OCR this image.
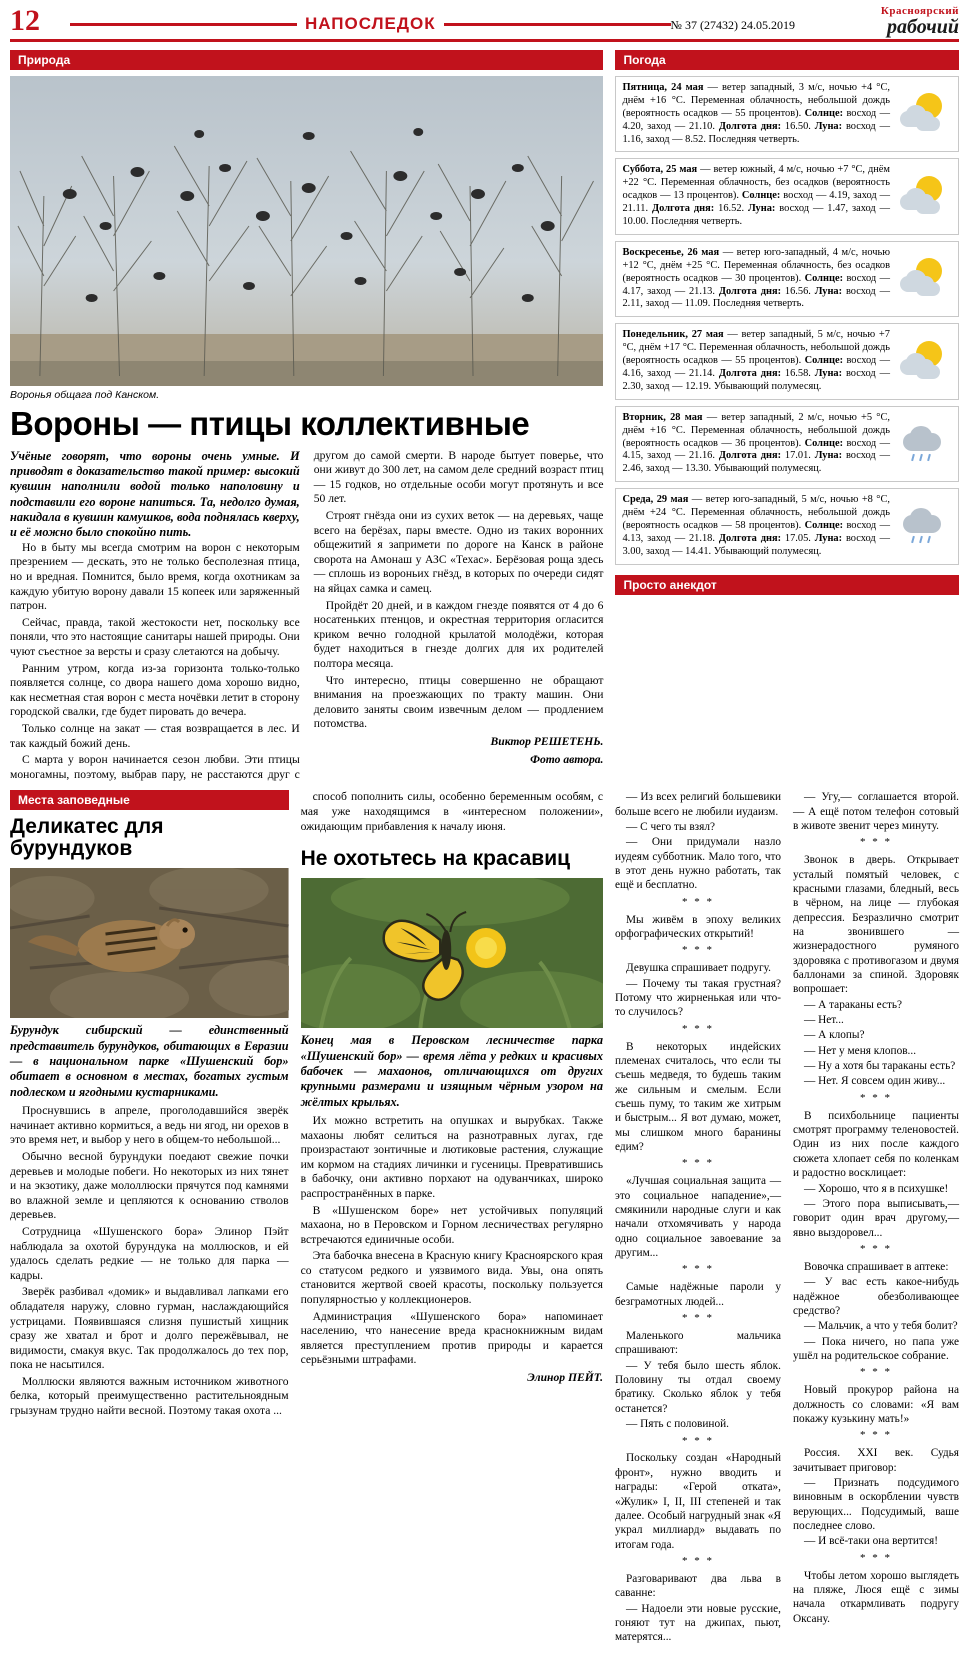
12	НАПОСЛЕДОК	№ 37 (27432) 24.05.2019
Красноярский
рабочий
Природа
Воронья общага под Канском.
Вороны — птицы коллективные
Учёные говорят, что вороны очень умные. И приводят в доказательство такой пример: высокий кувшин наполнили водой только наполовину и подставили его вороне напиться. Та, недолго думая, накидала в кувшин камушков, вода поднялась кверху, и её можно было спокойно пить.

Но в быту мы всегда смотрим на ворон с некоторым презрением — дескать, это не только бесполезная птица, но и вредная. Помнится, было время, когда охотникам за каждую убитую ворону давали 15 копеек или заряженный патрон.

Сейчас, правда, такой жестокости нет, поскольку все поняли, что это настоящие санитары нашей природы. Они чуют съестное за версты и сразу слетаются на добычу.

Ранним утром, когда из-за горизонта только-только появляется солнце, со двора нашего дома хорошо видно, как несметная стая ворон с места ночёвки летит в сторону городской свалки, где будет пировать до вечера.

Только солнце на закат — стая возвращается в лес. И так каждый божий день.

С марта у ворон начинается сезон любви. Эти птицы моногамны, поэтому, выбрав пару, не расстаются друг с другом до самой смерти. В народе бытует поверье, что они живут до 300 лет, на самом деле средний возраст птиц — 15 годков, но отдельные особи могут протянуть и все 50 лет.

Строят гнёзда они из сухих веток — на деревьях, чаще всего на берёзах, пары вместе. Одно из таких воронних общежитий я запримети по дороге на Канск в районе сворота на Амонаш у АЗС «Техас». Берёзовая роща здесь — сплошь из вороньих гнёзд, в которых по очереди сидят на яйцах самка и самец.

Пройдёт 20 дней, и в каждом гнезде появятся от 4 до 6 носатеньких птенцов, и окрестная территория огласится криком вечно голодной крылатой молодёжи, которая будет находиться в гнезде долгих для их родителей полтора месяца.

Что интересно, птицы совершенно не обращают внимания на проезжающих по тракту машин. Они деловито заняты своим извечным делом — продлением потомства.

Виктор РЕШЕТЕНЬ.
Фото автора.
Погода
Пятница, 24 мая — ветер западный, 3 м/с, ночью +4 °С, днём +16 °С. Переменная облачность, небольшой дождь (вероятность осадков — 55 процентов). Солнце: восход — 4.20, заход — 21.10. Долгота дня: 16.50. Луна: восход — 1.16, заход — 8.52. Последняя четверть.
Суббота, 25 мая — ветер южный, 4 м/с, ночью +7 °С, днём +22 °С. Переменная облачность, без осадков (вероятность осадков — 13 процентов). Солнце: восход — 4.19, заход — 21.11. Долгота дня: 16.52. Луна: восход — 1.47, заход — 10.00. Последняя четверть.
Воскресенье, 26 мая — ветер юго-западный, 4 м/с, ночью +12 °С, днём +25 °С. Переменная облачность, без осадков (вероятность осадков — 30 процентов). Солнце: восход — 4.17, заход — 21.13. Долгота дня: 16.56. Луна: восход — 2.11, заход — 11.09. Последняя четверть.
Понедельник, 27 мая — ветер западный, 5 м/с, ночью +7 °С, днём +17 °С. Переменная облачность, небольшой дождь (вероятность осадков — 55 процентов). Солнце: восход — 4.16, заход — 21.14. Долгота дня: 16.58. Луна: восход — 2.30, заход — 12.19. Убывающий полумесяц.
Вторник, 28 мая — ветер западный, 2 м/с, ночью +5 °С, днём +16 °С. Переменная облачность, небольшой дождь (вероятность осадков — 36 процентов). Солнце: восход — 4.15, заход — 21.16. Долгота дня: 17.01. Луна: восход — 2.46, заход — 13.30. Убывающий полумесяц.
Среда, 29 мая — ветер юго-западный, 5 м/с, ночью +8 °С, днём +24 °С. Переменная облачность, небольшой дождь (вероятность осадков — 58 процентов). Солнце: восход — 4.13, заход — 21.18. Долгота дня: 17.05. Луна: восход — 3.00, заход — 14.41. Убывающий полумесяц.
Просто анекдот
Места заповедные
Деликатес для бурундуков
Бурундук сибирский — единственный представитель бурундуков, обитающих в Евразии — в национальном парке «Шушенский бор» обитает в основном в местах, богатых густым подлеском и ягодными кустарниками.

Проснувшись в апреле, проголодавшийся зверёк начинает активно кормиться, а ведь ни ягод, ни орехов в это время нет, и выбор у него в общем-то небольшой...

Обычно весной бурундуки поедают свежие почки деревьев и молодые побеги. Но некоторых из них тянет и на экзотику, даже мололлюски прячутся под камнями во влажной земле и цепляются к основанию стволов деревьев.

Сотрудница «Шушенского бора» Элинор Пэйт наблюдала за охотой бурундука на моллюсков, и ей удалось сделать редкие — не только для парка — кадры.

Зверёк разбивал «домик» и выдавливал лапками его обладателя наружу, словно гурман, наслаждающийся устрицами. Появившаяся слизня пушистый хищник сразу же хватал и брот и долго пережёвывал, не видимости, смакуя вкус. Так продолжалось до тех пор, пока не насытился.

Моллюски являются важным источником животного белка, который преимущественно растительноядным грызунам трудно найти весной. Поэтому такая охота ...

способ пополнить силы, особенно беременным особям, с мая уже находящимся в «интересном положении», ожидающим прибавления к началу июня.

Не охотьтесь на красавиц
Конец мая в Перовском лесничестве парка «Шушенский бор» — время лёта у редких и красивых бабочек — махаонов, отличающихся от других крупными размерами и изящным чёрным узором на жёлтых крыльях.

Их можно встретить на опушках и вырубках. Также махаоны любят селиться на разнотравных лугах, где произрастают зонтичные и лютиковые растения, служащие им кормом на стадиях личинки и гусеницы. Превратившись в бабочку, они активно порхают на одуванчиках, широко распространённых в парке.

В «Шушенском боре» нет устойчивых популяций махаона, но в Перовском и Горном лесничествах регулярно встречаются единичные особи.

Эта бабочка внесена в Красную книгу Красноярского края со статусом редкого и уязвимого вида. Увы, она опять становится жертвой своей красоты, поскольку пользуется популярностью у коллекционеров.

Администрация «Шушенского бора» напоминает населению, что нанесение вреда краснокнижным видам является преступлением против природы и карается серьёзными штрафами.

Элинор ПЕЙТ.

— Из всех религий большевики больше всего не любили иудаизм.

— С чего ты взял?

— Они придумали назло иудеям субботник. Мало того, что в этот день нужно работать, так ещё и бесплатно.

* * *

Мы живём в эпоху великих орфографических открытий!

* * *

Девушка спрашивает подругу.

— Почему ты такая грустная? Потому что жирненькая или что-то случилось?

* * *

В некоторых индейских племенах считалось, что если ты съешь медведя, то будешь таким же сильным и смелым. Если съешь пуму, то таким же хитрым и быстрым... Я вот думаю, может, мы слишком много баранины едим?

* * *

«Лучшая социальная защита — это социальное нападение»,— смякинили народные слуги и как начали отхомячивать у народа одно социальное завоевание за другим...

* * *

Самые надёжные пароли у безграмотных людей...

* * *

Маленького мальчика спрашивают:

— У тебя было шесть яблок. Половину ты отдал своему братику. Сколько яблок у тебя останется?

— Пять с половиной.

* * *

Поскольку создан «Народный фронт», нужно вводить и награды: «Герой отката», «Жулик» I, II, III степеней и так далее. Особый нагрудный знак «Я украл миллиард» выдавать по итогам года.

* * *

Разговаривают два льва в саванне:

— Надоели эти новые русские, гоняют тут на джипах, пьют, матерятся...

— Угу,— соглашается второй.— А ещё потом телефон сотовый в животе звенит через минуту.

* * *

Звонок в дверь. Открывает усталый помятый человек, с красными глазами, бледный, весь в чёрном, на лице — глубокая депрессия. Безразлично смотрит на звонившего — жизнерадостного румяного здоровяка с противогазом и двумя баллонами за спиной. Здоровяк вопрошает:

— А тараканы есть?

— Нет...

— А клопы?

— Нет у меня клопов...

— Ну а хотя бы тараканы есть?

— Нет. Я совсем один живу...

* * *

В психбольнице пациенты смотрят программу теленовостей. Один из них после каждого сюжета хлопает себя по коленкам и радостно восклицает:

— Хорошо, что я в психушке!

— Этого пора выписывать,— говорит один врач другому,— явно выздоровел...

* * *

Вовочка спрашивает в аптеке:

— У вас есть какое-нибудь надёжное обезболивающее средство?

— Мальчик, а что у тебя болит?

— Пока ничего, но папа уже ушёл на родительское собрание.

* * *

Новый прокурор района на должность со словами: «Я вам покажу кузькину мать!»

* * *

Россия. XXI век. Судья зачитывает приговор:

— Признать подсудимого виновным в оскорблении чувств верующих... Подсудимый, ваше последнее слово.

— И всё-таки она вертится!

* * *

Чтобы летом хорошо выглядеть на пляже, Люся ещё с зимы начала откармливать подругу Оксану.
